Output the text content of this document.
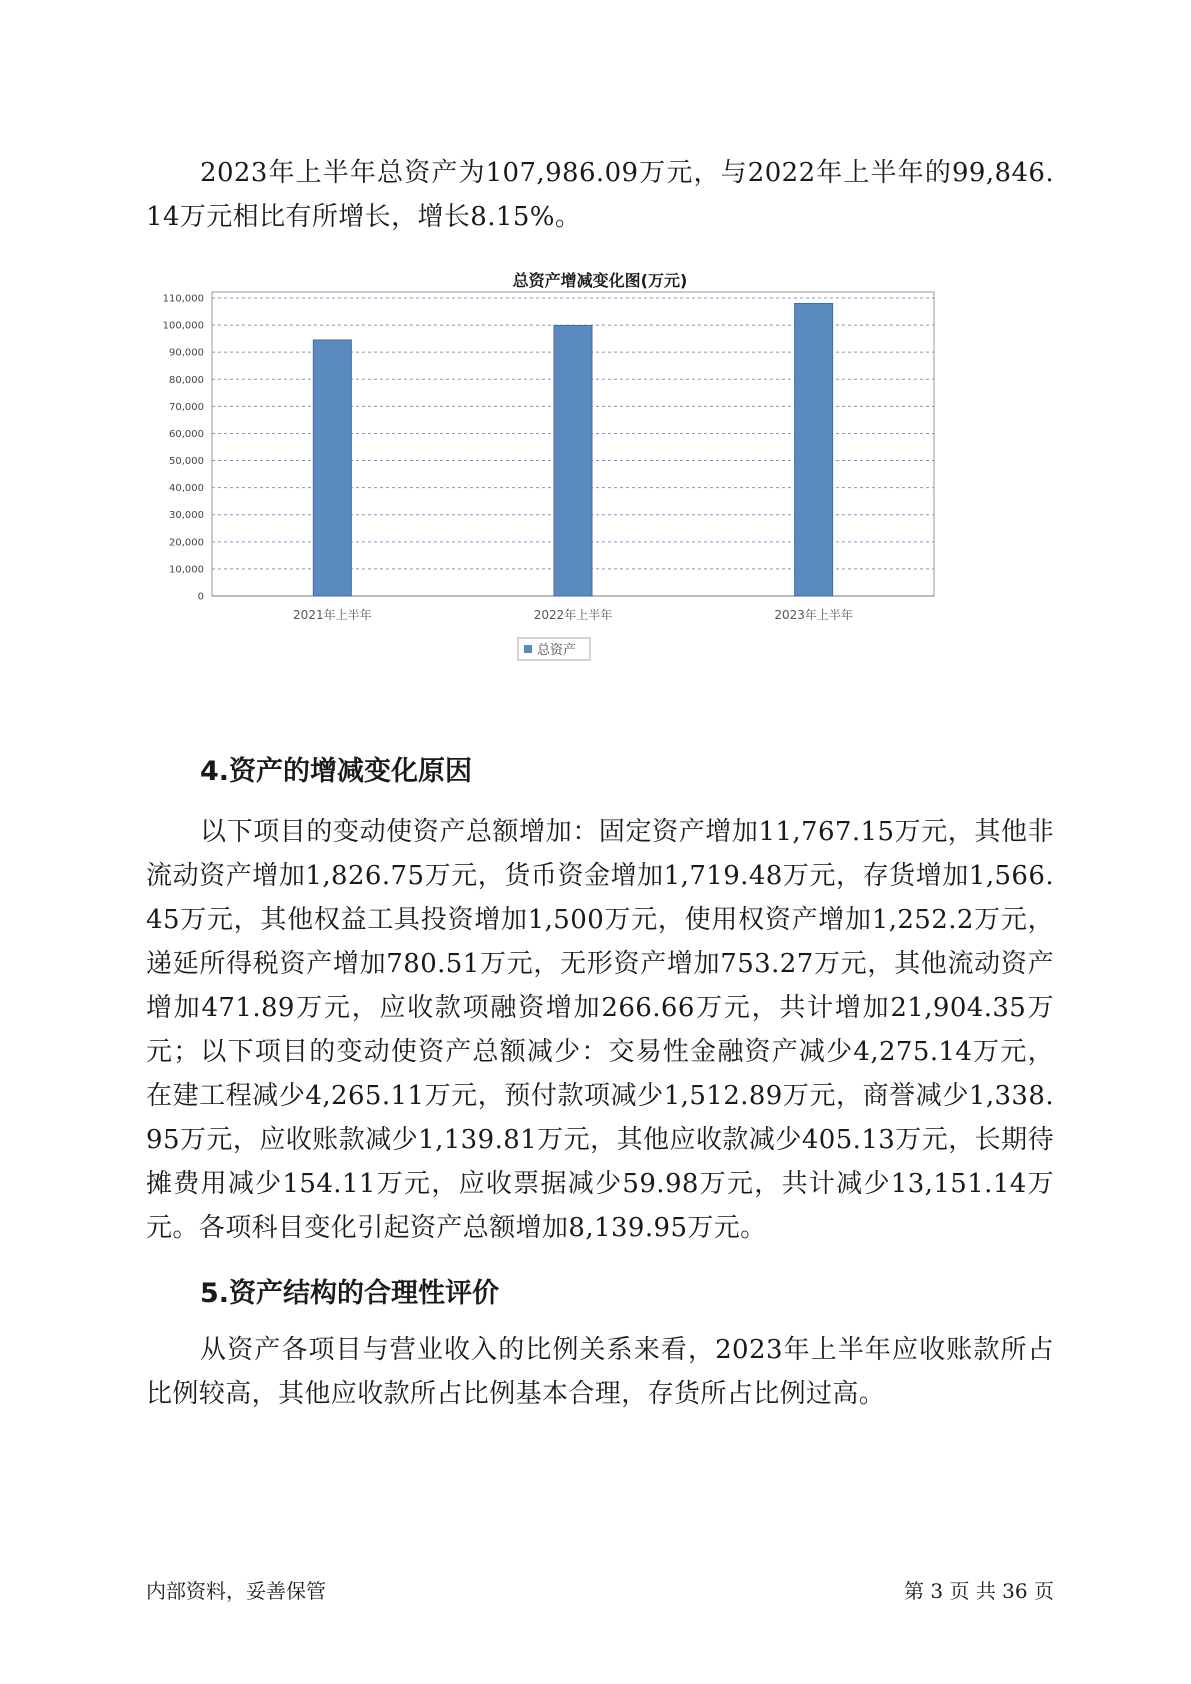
2023年上半年总资产为107,986.09万元，与2022年上半年的99,846.14万元相比有所增长，增长8.15%。

总资产增减变化图(万元)
0
10,000
20,000
30,000
40,000
50,000
60,000
70,000
80,000
90,000
100,000
110,000
2021年上半年	2022年上半年	2023年上半年
总资产
4.资产的增减变化原因

以下项目的变动使资产总额增加：固定资产增加11,767.15万元，其他非流动资产增加1,826.75万元，货币资金增加1,719.48万元，存货增加1,566.45万元，其他权益工具投资增加1,500万元，使用权资产增加1,252.2万元，递延所得税资产增加780.51万元，无形资产增加753.27万元，其他流动资产增加471.89万元，应收款项融资增加266.66万元，共计增加21,904.35万元；以下项目的变动使资产总额减少：交易性金融资产减少4,275.14万元，在建工程减少4,265.11万元，预付款项减少1,512.89万元，商誉减少1,338.95万元，应收账款减少1,139.81万元，其他应收款减少405.13万元，长期待摊费用减少154.11万元，应收票据减少59.98万元，共计减少13,151.14万元。各项科目变化引起资产总额增加8,139.95万元。

5.资产结构的合理性评价

从资产各项目与营业收入的比例关系来看，2023年上半年应收账款所占比例较高，其他应收款所占比例基本合理，存货所占比例过高。

内部资料，妥善保管	第 3 页 共 36 页
